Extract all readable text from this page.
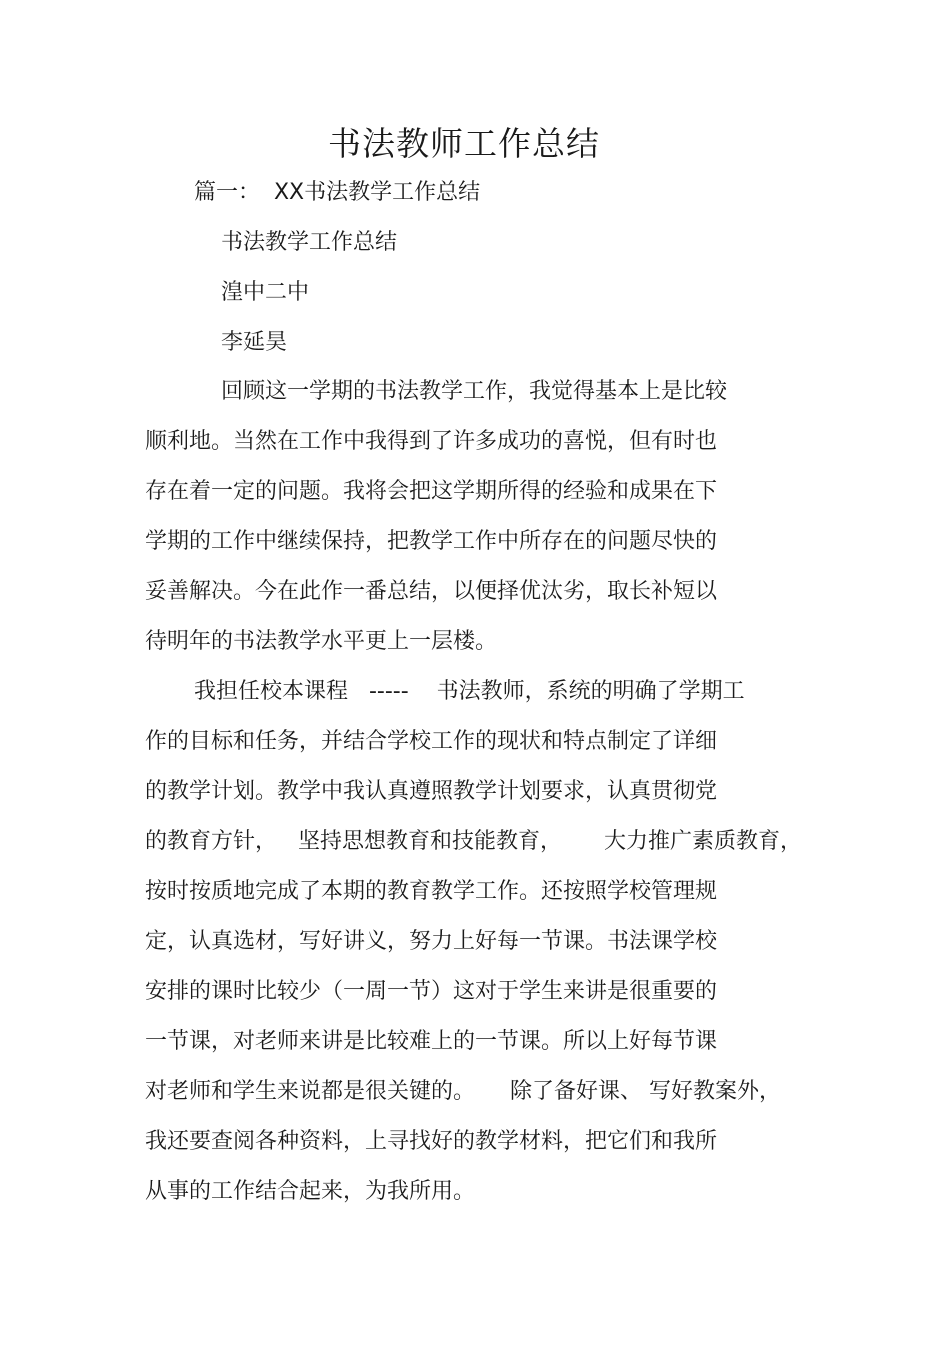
书法教师工作总结
篇一：  XX书法教学工作总结
书法教学工作总结
湟中二中
李延昊
回顾这一学期的书法教学工作，我觉得基本上是比较
顺利地。当然在工作中我得到了许多成功的喜悦，但有时也
存在着一定的问题。我将会把这学期所得的经验和成果在下
学期的工作中继续保持，把教学工作中所存在的问题尽快的
妥善解决。今在此作一番总结，以便择优汰劣，取长补短以
待明年的书法教学水平更上一层楼。
我担任校本课程   -----    书法教师，系统的明确了学期工
作的目标和任务，并结合学校工作的现状和特点制定了详细
的教学计划。教学中我认真遵照教学计划要求，认真贯彻党
的教育方针，   坚持思想教育和技能教育，      大力推广素质教育，
按时按质地完成了本期的教育教学工作。还按照学校管理规
定，认真选材，写好讲义，努力上好每一节课。书法课学校
安排的课时比较少（一周一节）这对于学生来讲是很重要的
一节课，对老师来讲是比较难上的一节课。所以上好每节课
对老师和学生来说都是很关键的。     除了备好课、 写好教案外，
我还要查阅各种资料，上寻找好的教学材料，把它们和我所
从事的工作结合起来，为我所用。
